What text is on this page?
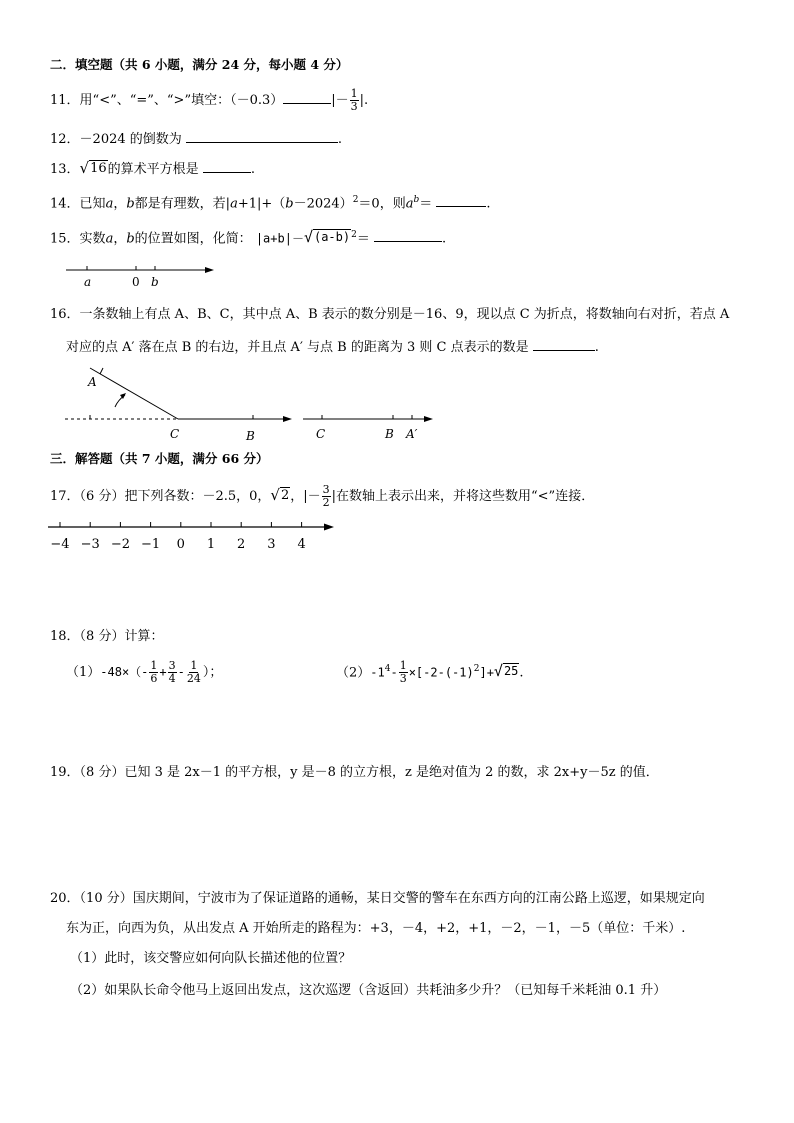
二．填空题（共 6 小题，满分 24 分，每小题 4 分）
11．用“<”、“=”、“>”填空：（－0.3）	|－ $\frac{1}{3}$ |.
12．－2024 的倒数为	.
13． √ 16 的算术平方根是	.
14．已知a，b都是有理数，若$|a+1|+(b-2024)^2=0$，则$a^b=$	.
15．实数a，b的位置如图，化简： |a+b|－ √ (a-b) $^2$＝	.
a	0 b
16．一条数轴上有点 A、B、C，其中点 A、B 表示的数分别是－16、9，现以点 C 为折点，将数轴向右对折，若点 A
对应的点 A′ 落在点 B 的右边，并且点 A′ 与点 B 的距离为 3 则 C 点表示的数是	.
A
C	B	C	B A′
三．解答题（共 7 小题，满分 66 分）
17．（6 分）把下列各数：－2.5，0， √ 2 ，|－ $\frac{3}{2}$ |在数轴上表示出来，并将这些数用“<”连接．
−4 −3 −2 −1 0 1 2 3 4
18．（8 分）计算：
$(1)-48\times(- \frac{1}{6} + \frac{3}{4} - \frac{1}{24}$ ）；	$(2)-1^4- \frac{1}{3} \times[-2-(-1)^2]+$ √ 25 .
19．（8 分）已知 3 是 2x－1 的平方根，y 是－8 的立方根，z 是绝对值为 2 的数，求 2x+y－5z 的值．
20．（10 分）国庆期间，宁波市为了保证道路的通畅，某日交警的警车在东西方向的江南公路上巡逻，如果规定向
东为正，向西为负，从出发点 A 开始所走的路程为：+3，－4，+2，+1，－2，－1，－5（单位：千米）.
（1）此时，该交警应如何向队长描述他的位置？
（2）如果队长命令他马上返回出发点，这次巡逻（含返回）共耗油多少升？（已知每千米耗油 0.1 升）
